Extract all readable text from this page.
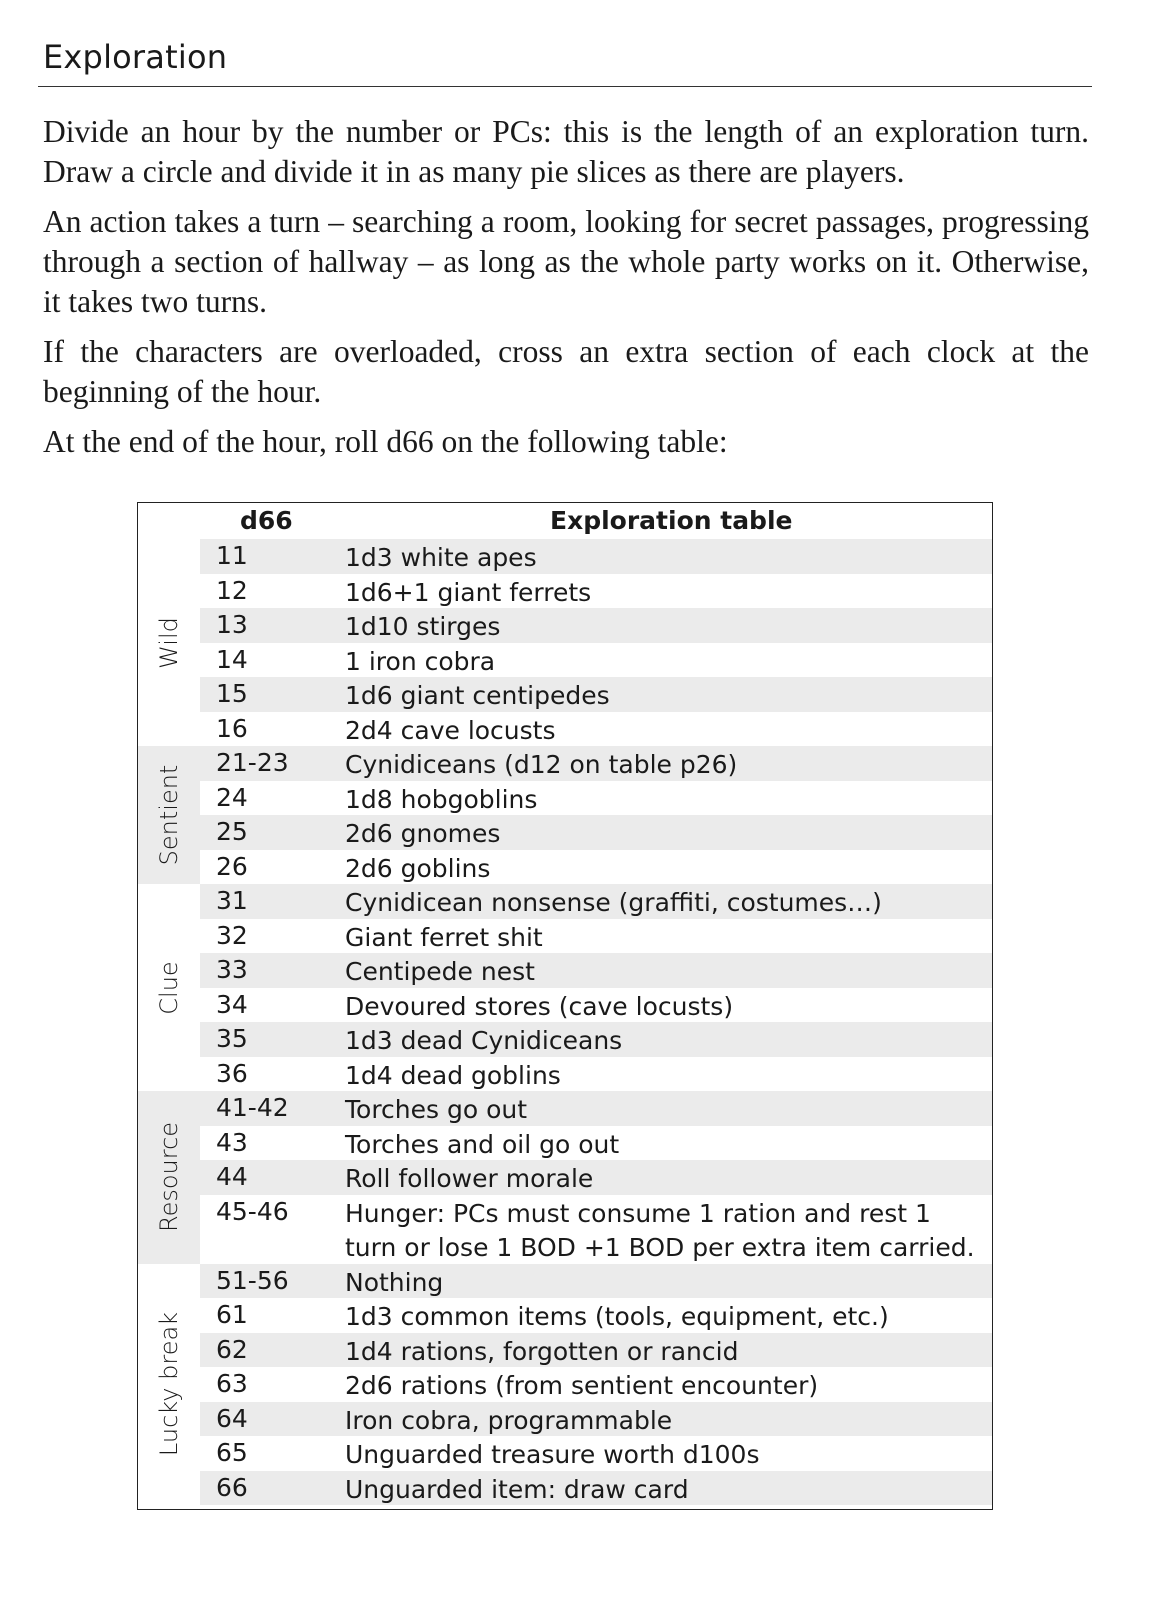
Exploration

Divide an hour by the number or PCs: this is the length of an exploration turn. Draw a circle and divide it in as many pie slices as there are players.

An action takes a turn – searching a room, looking for secret passages, progressing through a section of hallway – as long as the whole party works on it. Otherwise, it takes two turns.

If the characters are overloaded, cross an extra section of each clock at the beginning of the hour.

At the end of the hour, roll d66 on the following table:

d66	Exploration table
Wild
11	1d3 white apes
12	1d6+1 giant ferrets
13	1d10 stirges
14	1 iron cobra
15	1d6 giant centipedes
16	2d4 cave locusts
Sentient
21-23 Cynidiceans (d12 on table p26)
24	1d8 hobgoblins
25	2d6 gnomes
26	2d6 goblins
Clue
31	Cynidicean nonsense (graffiti, costumes…)
32	Giant ferret shit
33	Centipede nest
34	Devoured stores (cave locusts)
35	1d3 dead Cynidiceans
36	1d4 dead goblins
Resource
41-42 Torches go out
43	Torches and oil go out
44	Roll follower morale
45-46 Hunger: PCs must consume 1 ration and rest 1 turn or lose 1 BOD +1 BOD per extra item carried.
Lucky break
51-56 Nothing
61	1d3 common items (tools, equipment, etc.)
62	1d4 rations, forgotten or rancid
63	2d6 rations (from sentient encounter)
64	Iron cobra, programmable
65	Unguarded treasure worth d100s
66	Unguarded item: draw card
